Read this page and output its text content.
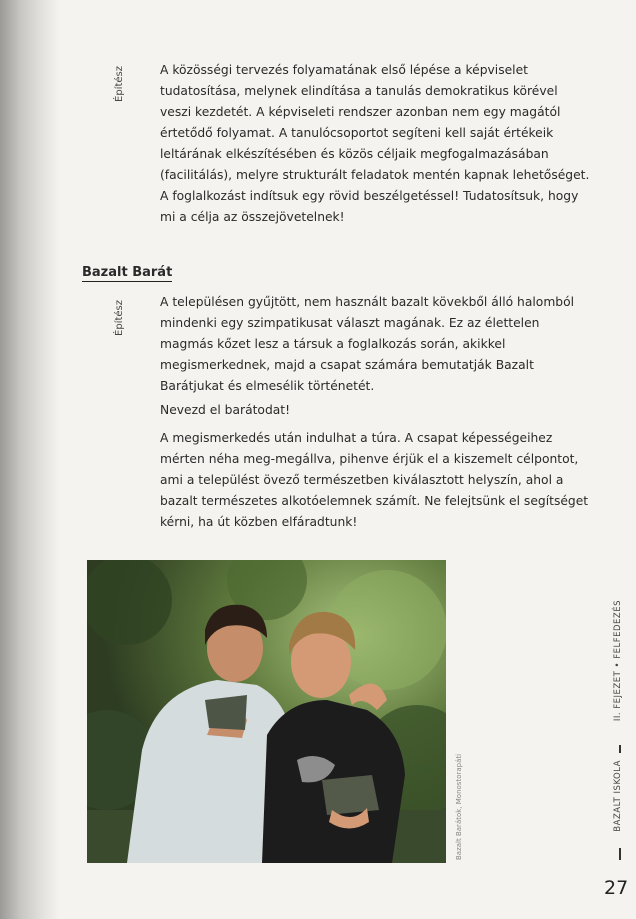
Építész	A közösségi tervezés folyamatának első lépése a képviselet tudatosítása, melynek elindítása a tanulás demokratikus körével veszi kezdetét. A képviseleti rendszer azonban nem egy magától értetődő folyamat. A tanulócsoportot segíteni kell saját értékeik leltárának elkészítésében és közös céljaik megfogalmazásában (facilitálás), melyre strukturált feladatok mentén kapnak lehetőséget.

A foglalkozást indítsuk egy rövid beszélgetéssel! Tudatosítsuk, hogy mi a célja az összejövetelnek!

Bazalt Barát
Építész	A településen gyűjtött, nem használt bazalt kövekből álló halomból mindenki egy szimpatikusat választ magának. Ez az élettelen magmás kőzet lesz a társuk a foglalkozás során, akikkel megismerkednek, majd a csapat számára bemutatják Bazalt Barátjukat és elmesélik történetét.

Nevezd el barátodat!

A megismerkedés után indulhat a túra. A csapat képességeihez mérten néha meg-megállva, pihenve érjük el a kiszemelt célpontot, ami a települést övező természetben kiválasztott helyszín, ahol a bazalt természetes alkotóelemnek számít. Ne felejtsünk el segítséget kérni, ha út közben elfáradtunk!

Bazalt Barátok, Monostorapáti
II. FEJEZET • FELFEDEZÉS
BAZALT ISKOLA
27
